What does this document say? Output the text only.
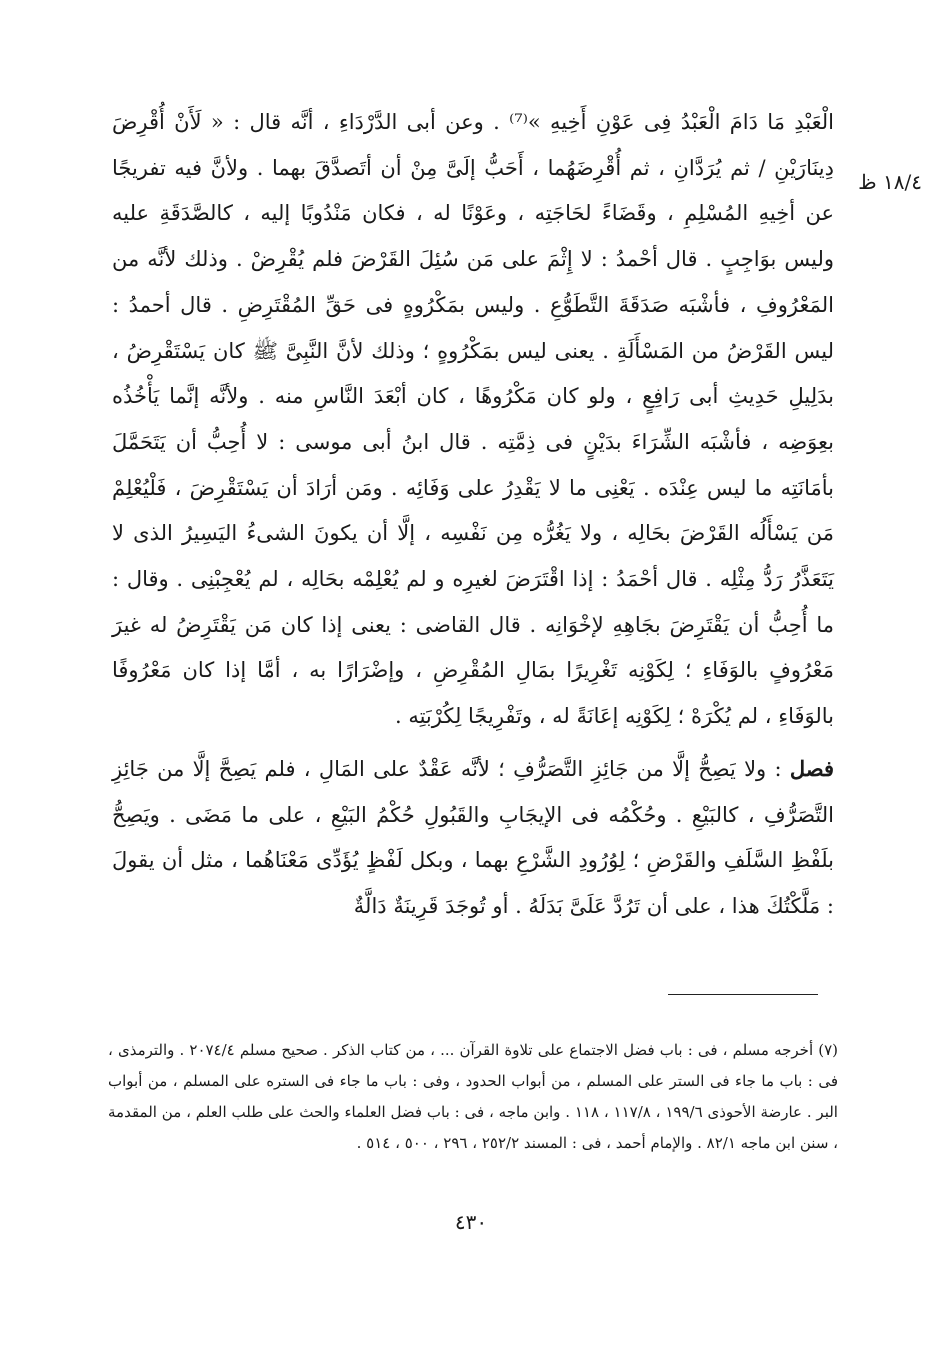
١٨/٤ ظ

الْعَبْدِ مَا دَامَ الْعَبْدُ فِى عَوْنِ أَخِيهِ »⁽⁷⁾ . وعن أبى الدَّرْدَاءِ ، أنَّه قال : « لَأَنْ أُقْرِضَ دِينَارَيْنِ / ثم يُرَدَّانِ ، ثم أُقْرِضَهُما ، أَحَبُّ إلَىَّ مِنْ أن أتَصدَّقَ بهما . ولأنَّ فيه تفريجًا عن أخِيهِ المُسْلِمِ ، وقَضَاءً لحَاجَتِه ، وعَوْنًا له ، فكان مَنْدُوبًا إليه ، كالصَّدَقَةِ عليه وليس بوَاجِبٍ . قال أحْمدُ : لا إِثْمَ على مَن سُئِلَ القَرْضَ فلم يُقْرِضْ . وذلك لأنَّه من المَعْرُوفِ ، فأشْبَه صَدَقَةَ التَّطَوُّعِ . وليس بمَكْرُوهٍ فى حَقِّ المُقْتَرِضِ . قال أحمدُ : ليس القَرْضُ من المَسْأَلَةِ . يعنى ليس بمَكْرُوهٍ ؛ وذلك لأنَّ النَّبِىَّ ﷺ كان يَسْتَقْرِضُ ، بدَلِيلِ حَدِيثِ أبى رَافِعٍ ، ولو كان مَكْرُوهًا ، كان أبْعَدَ النَّاسِ منه . ولأنَّه إنَّما يَأْخُذُه بعِوَضِه ، فأشْبَه الشِّرَاءَ بدَيْنٍ فى ذِمَّتِه . قال ابنُ أبى موسى : لا أُحِبُّ أن يَتَحَمَّلَ بأمَانَتِه ما ليس عِنْدَه . يَعْنِى ما لا يَقْدِرُ على وَفَائِه . ومَن أرَادَ أن يَسْتَقْرِضَ ، فَلْيُعْلِمْ مَن يَسْأَلُه القَرْضَ بحَالِه ، ولا يَغُرُّه مِن نَفْسِه ، إلَّا أن يكونَ الشىءُ اليَسِيرُ الذى لا يَتَعَذَّرُ رَدُّ مِثْلِه . قال أحْمَدُ : إذا اقْتَرَضَ لغيرِه و لم يُعْلِمْه بحَالِه ، لم يُعْجِبْنِى . وقال : ما أُحِبُّ أن يَقْتَرِضَ بجَاهِهِ لإخْوَانِه . قال القاضى : يعنى إذا كان مَن يَقْتَرِضُ له غيرَ مَعْرُوفٍ بالوَفَاءِ ؛ لِكَوْنِه تَغْرِيرًا بمَالِ المُقْرِضِ ، وإضْرَارًا به ، أمَّا إذا كان مَعْرُوفًا بالوَفَاءِ ، لم يُكْرَهْ ؛ لِكَوْنِه إعَانَةً له ، وتَفْرِيجًا لِكُرْبَتِه .

فصل : ولا يَصِحُّ إلَّا من جَائِزِ التَّصَرُّفِ ؛ لأنَّه عَقْدٌ على المَالِ ، فلم يَصِحَّ إلَّا من جَائِزِ التَّصَرُّفِ ، كالبَيْعِ . وحُكْمُه فى الإيجَابِ والقَبُولِ حُكْمُ البَيْعِ ، على ما مَضَى . ويَصِحُّ بلَفْظِ السَّلَفِ والقَرْضِ ؛ لِوُرُودِ الشَّرْعِ بهما ، وبكل لَفْظٍ يُؤَدِّى مَعْنَاهُما ، مثل أن يقولَ : مَلَّكْتُكَ هذا ، على أن تَرُدَّ عَلَىَّ بَدَلَهُ . أو تُوجَدَ قَرِينَةٌ دَالَّةٌ

(٧) أخرجه مسلم ، فى : باب فضل الاجتماع على تلاوة القرآن ... ، من كتاب الذكر . صحيح مسلم ٢٠٧٤/٤ . والترمذى ، فى : باب ما جاء فى الستر على المسلم ، من أبواب الحدود ، وفى : باب ما جاء فى الستره على المسلم ، من أبواب البر . عارضة الأحوذى ١٩٩/٦ ، ١١٧/٨ ، ١١٨ . وابن ماجه ، فى : باب فضل العلماء والحث على طلب العلم ، من المقدمة ، سنن ابن ماجه ٨٢/١ . والإمام أحمد ، فى : المسند ٢٥٢/٢ ، ٢٩٦ ، ٥٠٠ ، ٥١٤ .

٤٣٠
